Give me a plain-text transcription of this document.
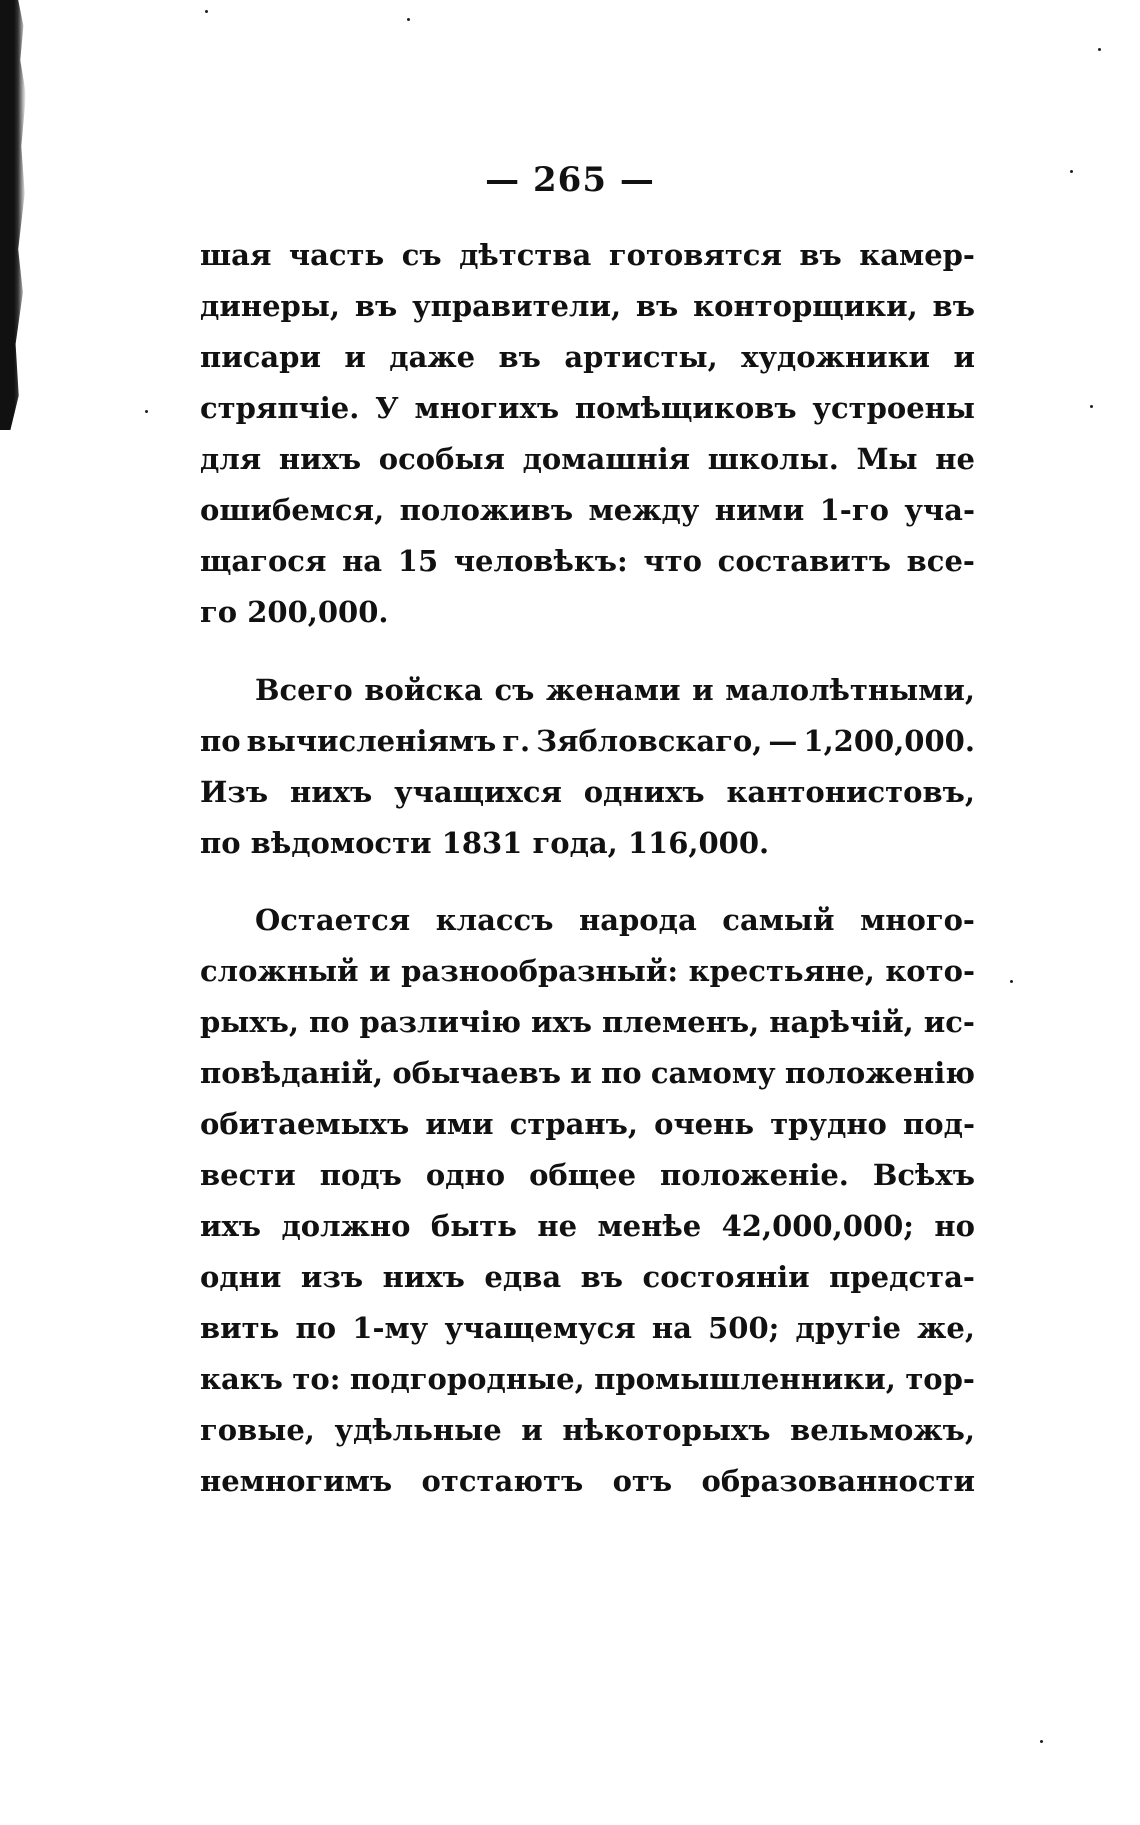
— 265 —
шая часть съ дѣтства готовятся въ камер-
динеры, въ управители, въ конторщики, въ
писари и даже въ артисты, художники и
стряпчіе. У многихъ помѣщиковъ устроены
для нихъ особыя домашнія школы. Мы не
ошибемся, положивъ между ними 1-го уча-
щагося на 15 человѣкъ: что составитъ все-
го 200,000.
Всего войска съ женами и малолѣтными,
по вычисленіямъ г. Зябловскаго, — 1,200,000.
Изъ нихъ учащихся однихъ кантонистовъ,
по вѣдомости 1831 года, 116,000.
Остается классъ народа самый много-
сложный и разнообразный: крестьяне, кото-
рыхъ, по различію ихъ племенъ, нарѣчій, ис-
повѣданій, обычаевъ и по самому положенію
обитаемыхъ ими странъ, очень трудно под-
вести подъ одно общее положеніе. Всѣхъ
ихъ должно быть не менѣе 42,000,000; но
одни изъ нихъ едва въ состояніи предста-
вить по 1-му учащемуся на 500; другіе же,
какъ то: подгородные, промышленники, тор-
говые, удѣльные и нѣкоторыхъ вельможъ,
немногимъ отстаютъ отъ образованности
